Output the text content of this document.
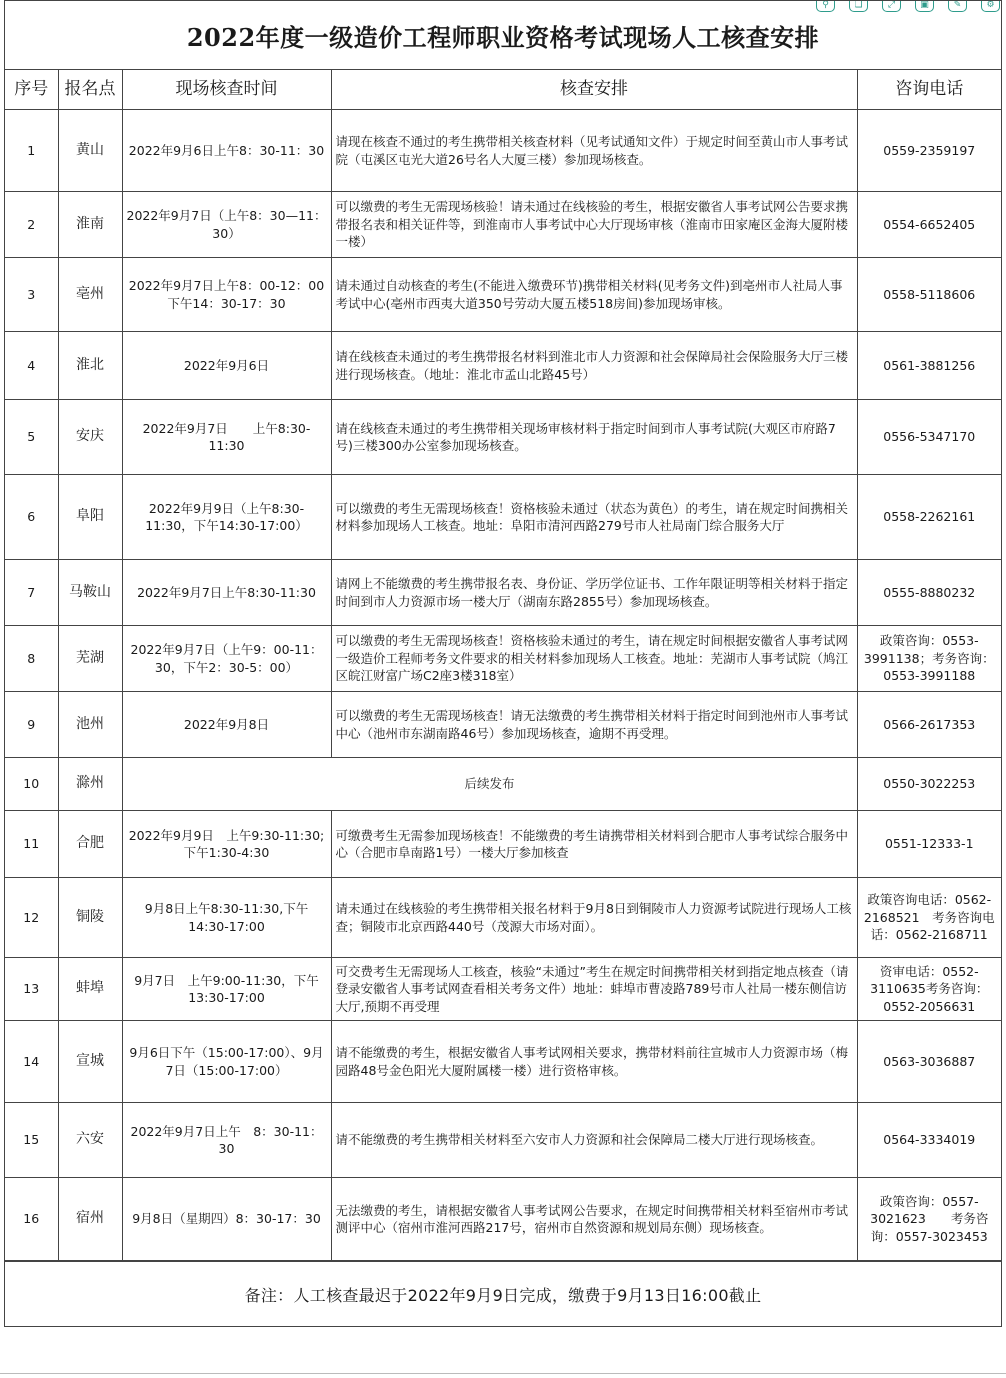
⚲	❏	⤢	▣	✎	⚙
2022年度一级造价工程师职业资格考试现场人工核查安排
序号	报名点	现场核查时间	核查安排	咨询电话
1	黄山	2022年9月6日上午8：30-11：30	请现在核查不通过的考生携带相关核查材料（见考试通知文件）于规定时间至黄山市人事考试院（屯溪区屯光大道26号名人大厦三楼）参加现场核查。	0559-2359197
2	淮南	2022年9月7日（上午8：30—11：30）	可以缴费的考生无需现场核验！请未通过在线核验的考生，根据安徽省人事考试网公告要求携带报名表和相关证件等，到淮南市人事考试中心大厅现场审核（淮南市田家庵区金海大厦附楼一楼）	0554-6652405
3	亳州	2022年9月7日上午8：00-12：00　下午14：30-17：30	请未通过自动核查的考生(不能进入缴费环节)携带相关材料(见考务文件)到亳州市人社局人事考试中心(亳州市西夷大道350号劳动大厦五楼518房间)参加现场审核。	0558-5118606
4	淮北	2022年9月6日	请在线核查未通过的考生携带报名材料到淮北市人力资源和社会保障局社会保险服务大厅三楼进行现场核查。（地址：淮北市孟山北路45号）	0561-3881256
5	安庆	2022年9月7日　　上午8:30-11:30	请在线核查未通过的考生携带相关现场审核材料于指定时间到市人事考试院(大观区市府路7号)三楼300办公室参加现场核查。	0556-5347170
6	阜阳	2022年9月9日（上午8:30-11:30，下午14:30-17:00）	可以缴费的考生无需现场核查！资格核验未通过（状态为黄色）的考生，请在规定时间携相关材料参加现场人工核查。地址：阜阳市清河西路279号市人社局南门综合服务大厅	0558-2262161
7	马鞍山	2022年9月7日上午8:30-11:30	请网上不能缴费的考生携带报名表、身份证、学历学位证书、工作年限证明等相关材料于指定时间到市人力资源市场一楼大厅（湖南东路2855号）参加现场核查。	0555-8880232
8	芜湖	2022年9月7日（上午9：00-11：30，下午2：30-5：00）	可以缴费的考生无需现场核查！资格核验未通过的考生，请在规定时间根据安徽省人事考试网一级造价工程师考务文件要求的相关材料参加现场人工核查。地址：芜湖市人事考试院（鸠江区皖江财富广场C2座3楼318室）	政策咨询：0553-3991138；考务咨询：0553-3991188
9	池州	2022年9月8日	可以缴费的考生无需现场核查！请无法缴费的考生携带相关材料于指定时间到池州市人事考试中心（池州市东湖南路46号）参加现场核查，逾期不再受理。	0566-2617353
10	滁州	后续发布		0550-3022253
11	合肥	2022年9月9日　上午9:30-11:30;下午1:30-4:30	可缴费考生无需参加现场核查！不能缴费的考生请携带相关材料到合肥市人事考试综合服务中心（合肥市阜南路1号）一楼大厅参加核查	0551-12333-1
12	铜陵	9月8日上午8:30-11:30,下午14:30-17:00	请未通过在线核验的考生携带相关报名材料于9月8日到铜陵市人力资源考试院进行现场人工核查；铜陵市北京西路440号（茂源大市场对面）。	政策咨询电话：0562-2168521　考务咨询电话：0562-2168711
13	蚌埠	9月7日　上午9:00-11:30，下午13:30-17:00	可交费考生无需现场人工核查，核验“未通过”考生在规定时间携带相关材到指定地点核查（请登录安徽省人事考试网查看相关考务文件）地址：蚌埠市曹凌路789号市人社局一楼东侧信访大厅,预期不再受理	资审电话：0552-3110635考务咨询：0552-2056631
14	宣城	9月6日下午（15:00-17:00）、9月7日（15:00-17:00）	请不能缴费的考生，根据安徽省人事考试网相关要求，携带材料前往宣城市人力资源市场（梅园路48号金色阳光大厦附属楼一楼）进行资格审核。	0563-3036887
15	六安	2022年9月7日上午　8：30-11：30	请不能缴费的考生携带相关材料至六安市人力资源和社会保障局二楼大厅进行现场核查。	0564-3334019
16	宿州	9月8日（星期四）8：30-17：30	无法缴费的考生，请根据安徽省人事考试网公告要求，在规定时间携带相关材料至宿州市考试测评中心（宿州市淮河西路217号，宿州市自然资源和规划局东侧）现场核查。	政策咨询：0557-3021623　　考务咨询：0557-3023453
备注：人工核查最迟于2022年9月9日完成，缴费于9月13日16:00截止
